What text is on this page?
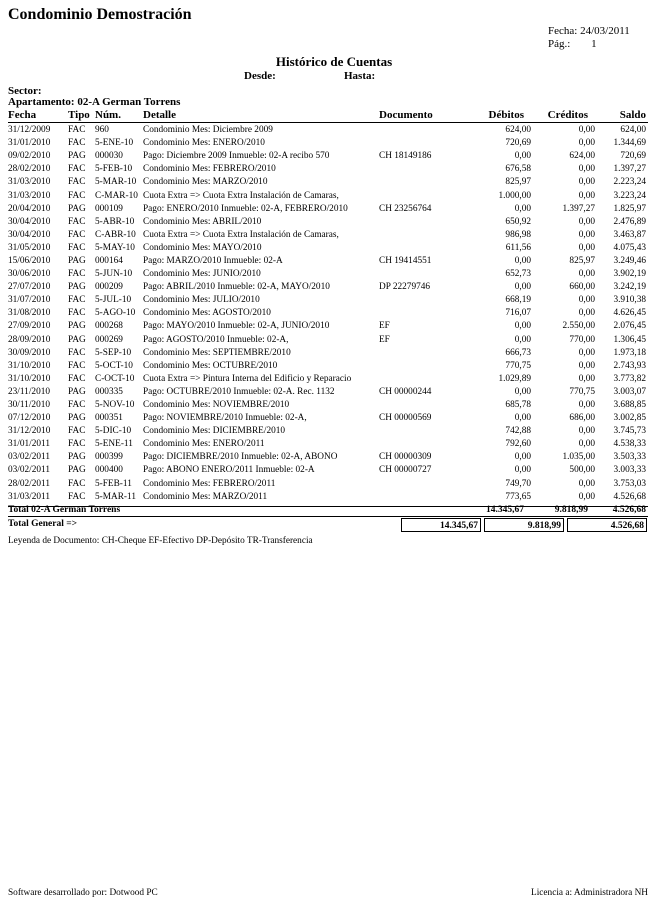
Condominio Demostración
Fecha: 24/03/2011
Pág.: 1
Histórico de Cuentas
Desde:	Hasta:
Sector:
Apartamento: 02-A German Torrens
Fecha	Tipo Núm. Detalle	Documento	Débitos	Créditos	Saldo
31/12/2009	FAC	960	Condominio Mes: Diciembre 2009		624,00	0,00	624,00
31/01/2010	FAC	5-ENE-10	Condominio Mes: ENERO/2010		720,69	0,00	1.344,69
09/02/2010	PAG	000030	Pago: Diciembre 2009 Inmueble: 02-A recibo 570	CH 18149186	0,00	624,00	720,69
28/02/2010	FAC	5-FEB-10	Condominio Mes: FEBRERO/2010		676,58	0,00	1.397,27
31/03/2010	FAC	5-MAR-10	Condominio Mes: MARZO/2010		825,97	0,00	2.223,24
31/03/2010	FAC	C-MAR-10	Cuota Extra => Cuota Extra Instalación de Camaras,		1.000,00	0,00	3.223,24
20/04/2010	PAG	000109	Pago: ENERO/2010 Inmueble: 02-A, FEBRERO/2010	CH 23256764	0,00	1.397,27	1.825,97
30/04/2010	FAC	5-ABR-10	Condominio Mes: ABRIL/2010		650,92	0,00	2.476,89
30/04/2010	FAC	C-ABR-10	Cuota Extra => Cuota Extra Instalación de Camaras,		986,98	0,00	3.463,87
31/05/2010	FAC	5-MAY-10	Condominio Mes: MAYO/2010		611,56	0,00	4.075,43
15/06/2010	PAG	000164	Pago: MARZO/2010 Inmueble: 02-A	CH 19414551	0,00	825,97	3.249,46
30/06/2010	FAC	5-JUN-10	Condominio Mes: JUNIO/2010		652,73	0,00	3.902,19
27/07/2010	PAG	000209	Pago: ABRIL/2010 Inmueble: 02-A, MAYO/2010	DP 22279746	0,00	660,00	3.242,19
31/07/2010	FAC	5-JUL-10	Condominio Mes: JULIO/2010		668,19	0,00	3.910,38
31/08/2010	FAC	5-AGO-10	Condominio Mes: AGOSTO/2010		716,07	0,00	4.626,45
27/09/2010	PAG	000268	Pago: MAYO/2010 Inmueble: 02-A, JUNIO/2010	EF	0,00	2.550,00	2.076,45
28/09/2010	PAG	000269	Pago: AGOSTO/2010 Inmueble: 02-A,	EF	0,00	770,00	1.306,45
30/09/2010	FAC	5-SEP-10	Condominio Mes: SEPTIEMBRE/2010		666,73	0,00	1.973,18
31/10/2010	FAC	5-OCT-10	Condominio Mes: OCTUBRE/2010		770,75	0,00	2.743,93
31/10/2010	FAC	C-OCT-10	Cuota Extra => Pintura Interna del Edificio y Reparacio		1.029,89	0,00	3.773,82
23/11/2010	PAG	000335	Pago: OCTUBRE/2010 Inmueble: 02-A. Rec. 1132	CH 00000244	0,00	770,75	3.003,07
30/11/2010	FAC	5-NOV-10	Condominio Mes: NOVIEMBRE/2010		685,78	0,00	3.688,85
07/12/2010	PAG	000351	Pago: NOVIEMBRE/2010 Inmueble: 02-A,	CH 00000569	0,00	686,00	3.002,85
31/12/2010	FAC	5-DIC-10	Condominio Mes: DICIEMBRE/2010		742,88	0,00	3.745,73
31/01/2011	FAC	5-ENE-11	Condominio Mes: ENERO/2011		792,60	0,00	4.538,33
03/02/2011	PAG	000399	Pago: DICIEMBRE/2010 Inmueble: 02-A, ABONO	CH 00000309	0,00	1.035,00	3.503,33
03/02/2011	PAG	000400	Pago: ABONO ENERO/2011 Inmueble: 02-A	CH 00000727	0,00	500,00	3.003,33
28/02/2011	FAC	5-FEB-11	Condominio Mes: FEBRERO/2011		749,70	0,00	3.753,03
31/03/2011	FAC	5-MAR-11	Condominio Mes: MARZO/2011		773,65	0,00	4.526,68
Total 02-A German Torrens	14.345,67	9.818,99	4.526,68
Total General =>	14.345,67	9.818,99	4.526,68
Leyenda de Documento: CH-Cheque EF-Efectivo DP-Depósito TR-Transferencia
Software desarrollado por: Dotwood PC	Licencia a: Administradora NH
